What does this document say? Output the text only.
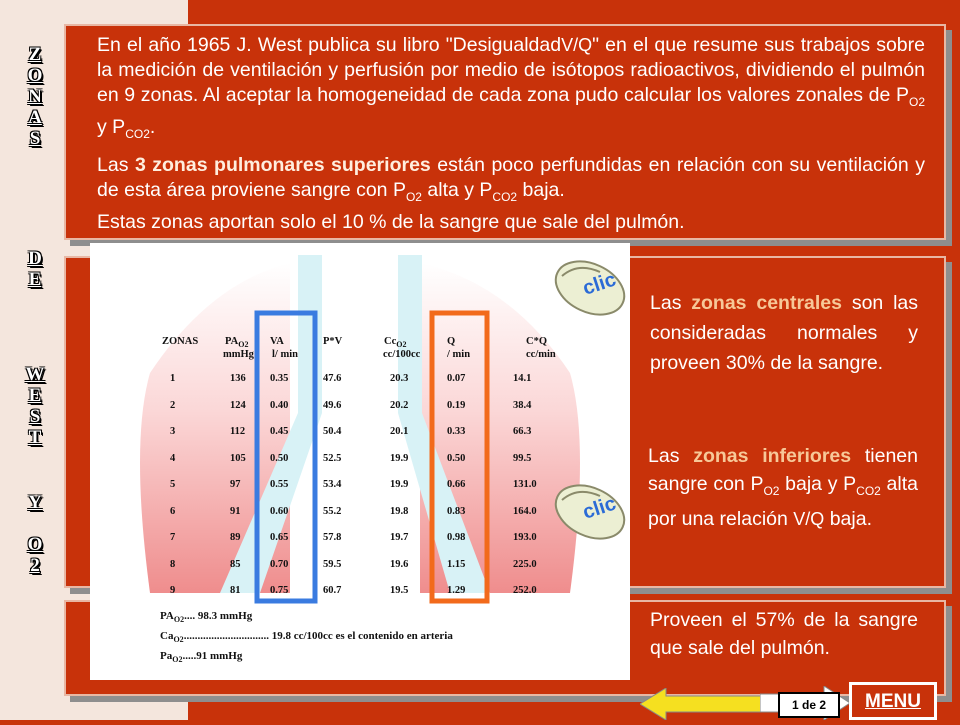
Z
O
N
A
S
D
E
W
E
S
T
Y
O
2

En el año 1965 J. West publica su libro "DesigualdadV/Q" en el que resume sus trabajos sobre la medición de ventilación y perfusión por medio de isótopos radioactivos, dividiendo el pulmón en 9 zonas. Al aceptar la homogeneidad de cada zona pudo calcular los valores zonales de $P_{O2}$ y $P_{CO2}$.

Las 3 zonas pulmonares superiores están poco perfundidas en relación con su ventilación y de esta área proviene sangre con $P_{O2}$ alta y $P_{CO2}$ baja.
Estas zonas aportan solo el 10 % de la sangre que sale del pulmón.

ZONAS	$PA_{O2}$ VA	P*V	$Cc_{O2}$	Q	C*Q
mmHg l/ min	cc/100cc	/ min	cc/min
1	136 0.35	47.6	20.3	0.07	14.1
2	124 0.40	49.6	20.2	0.19	38.4
3	112 0.45	50.4	20.1	0.33	66.3
4	105 0.50	52.5	19.9	0.50	99.5
5	97	0.55	53.4	19.9	0.66	131.0
6	91	0.60	55.2	19.8	0.83	164.0
7	89	0.65	57.8	19.7	0.98	193.0
8	85	0.70	59.5	19.6	1.15	225.0
9	81	0.75	60.7	19.5	1.29	252.0
$PA_{O2}$.... 98.3 mmHg
$Ca_{O2}$............................... 19.8 cc/100cc es el contenido en arteria
$Pa_{O2}.....91$ mmHg
clic
clic

Las zonas centrales son las consideradas normales y proveen 30% de la sangre.

Las zonas inferiores tienen sangre con $P_{O2}$ baja y $P_{CO2}$ alta por una relación V/Q baja.

Proveen el 57% de la sangre que sale del pulmón.

1 de 2	MENU
